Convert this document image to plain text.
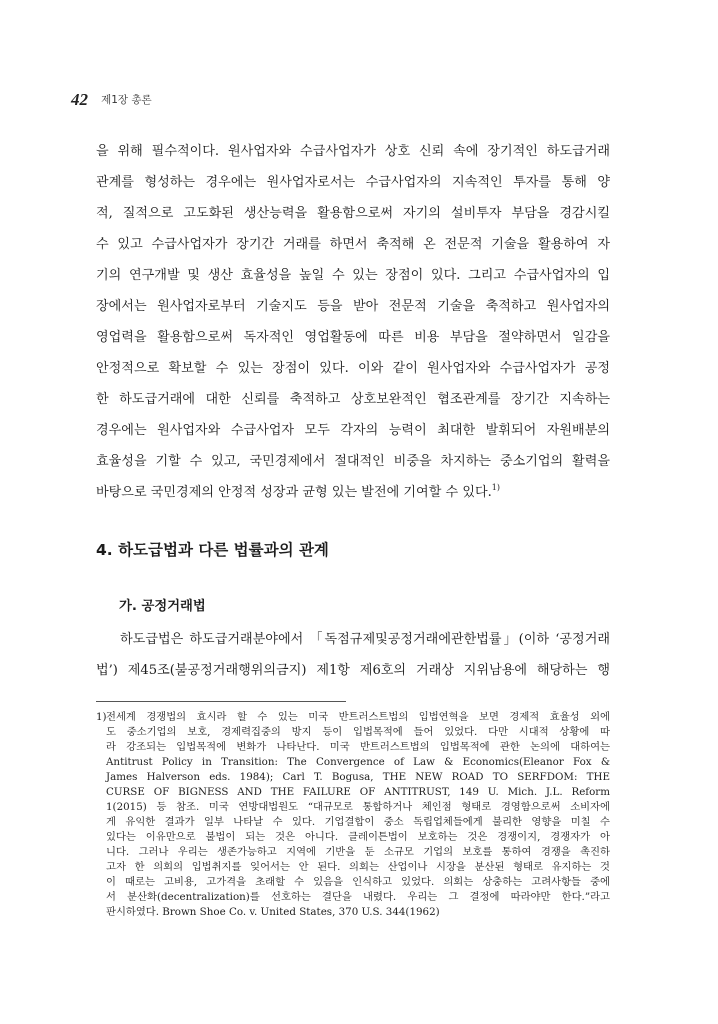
42 제1장 총론
을 위해 필수적이다. 원사업자와 수급사업자가 상호 신뢰 속에 장기적인 하도급거래
관계를 형성하는 경우에는 원사업자로서는 수급사업자의 지속적인 투자를 통해 양
적, 질적으로 고도화된 생산능력을 활용함으로써 자기의 설비투자 부담을 경감시킬
수 있고 수급사업자가 장기간 거래를 하면서 축적해 온 전문적 기술을 활용하여 자
기의 연구개발 및 생산 효율성을 높일 수 있는 장점이 있다. 그리고 수급사업자의 입
장에서는 원사업자로부터 기술지도 등을 받아 전문적 기술을 축적하고 원사업자의
영업력을 활용함으로써 독자적인 영업활동에 따른 비용 부담을 절약하면서 일감을
안정적으로 확보할 수 있는 장점이 있다. 이와 같이 원사업자와 수급사업자가 공정
한 하도급거래에 대한 신뢰를 축적하고 상호보완적인 협조관계를 장기간 지속하는
경우에는 원사업자와 수급사업자 모두 각자의 능력이 최대한 발휘되어 자원배분의
효율성을 기할 수 있고, 국민경제에서 절대적인 비중을 차지하는 중소기업의 활력을
바탕으로 국민경제의 안정적 성장과 균형 있는 발전에 기여할 수 있다.$^{1)}$
4. 하도급법과 다른 법률과의 관계
가. 공정거래법
하도급법은 하도급거래분야에서 「독점규제및공정거래에관한법률」(이하 ‘공정거래
법’) 제45조(불공정거래행위의금지) 제1항 제6호의 거래상 지위남용에 해당하는 행
1) 전세계 경쟁법의 효시라 할 수 있는 미국 반트러스트법의 입법연혁을 보면 경제적 효율성 외에
도 중소기업의 보호, 경제력집중의 방지 등이 입법목적에 들어 있었다. 다만 시대적 상황에 따
라 강조되는 입법목적에 변화가 나타난다. 미국 반트러스트법의 입법목적에 관한 논의에 대하여는
Antitrust Policy in Transition: The Convergence of Law & Economics(Eleanor Fox &
James Halverson eds. 1984); Carl T. Bogusa, THE NEW ROAD TO SERFDOM: THE
CURSE OF BIGNESS AND THE FAILURE OF ANTITRUST, 149 U. Mich. J.L. Reform
1(2015) 등 참조. 미국 연방대법원도 “대규모로 통합하거나 체인점 형태로 경영함으로써 소비자에
게 유익한 결과가 일부 나타날 수 있다. 기업결합이 중소 독립업체들에게 불리한 영향을 미칠 수
있다는 이유만으로 불법이 되는 것은 아니다. 클레이튼법이 보호하는 것은 경쟁이지, 경쟁자가 아
니다. 그러나 우리는 생존가능하고 지역에 기반을 둔 소규모 기업의 보호를 통하여 경쟁을 촉진하
고자 한 의회의 입법취지를 잊어서는 안 된다. 의회는 산업이나 시장을 분산된 형태로 유지하는 것
이 때로는 고비용, 고가격을 초래할 수 있음을 인식하고 있었다. 의회는 상충하는 고려사항들 중에
서 분산화(decentralization)를 선호하는 결단을 내렸다. 우리는 그 결정에 따라야만 한다.”라고
판시하였다. Brown Shoe Co. v. United States, 370 U.S. 344(1962)
